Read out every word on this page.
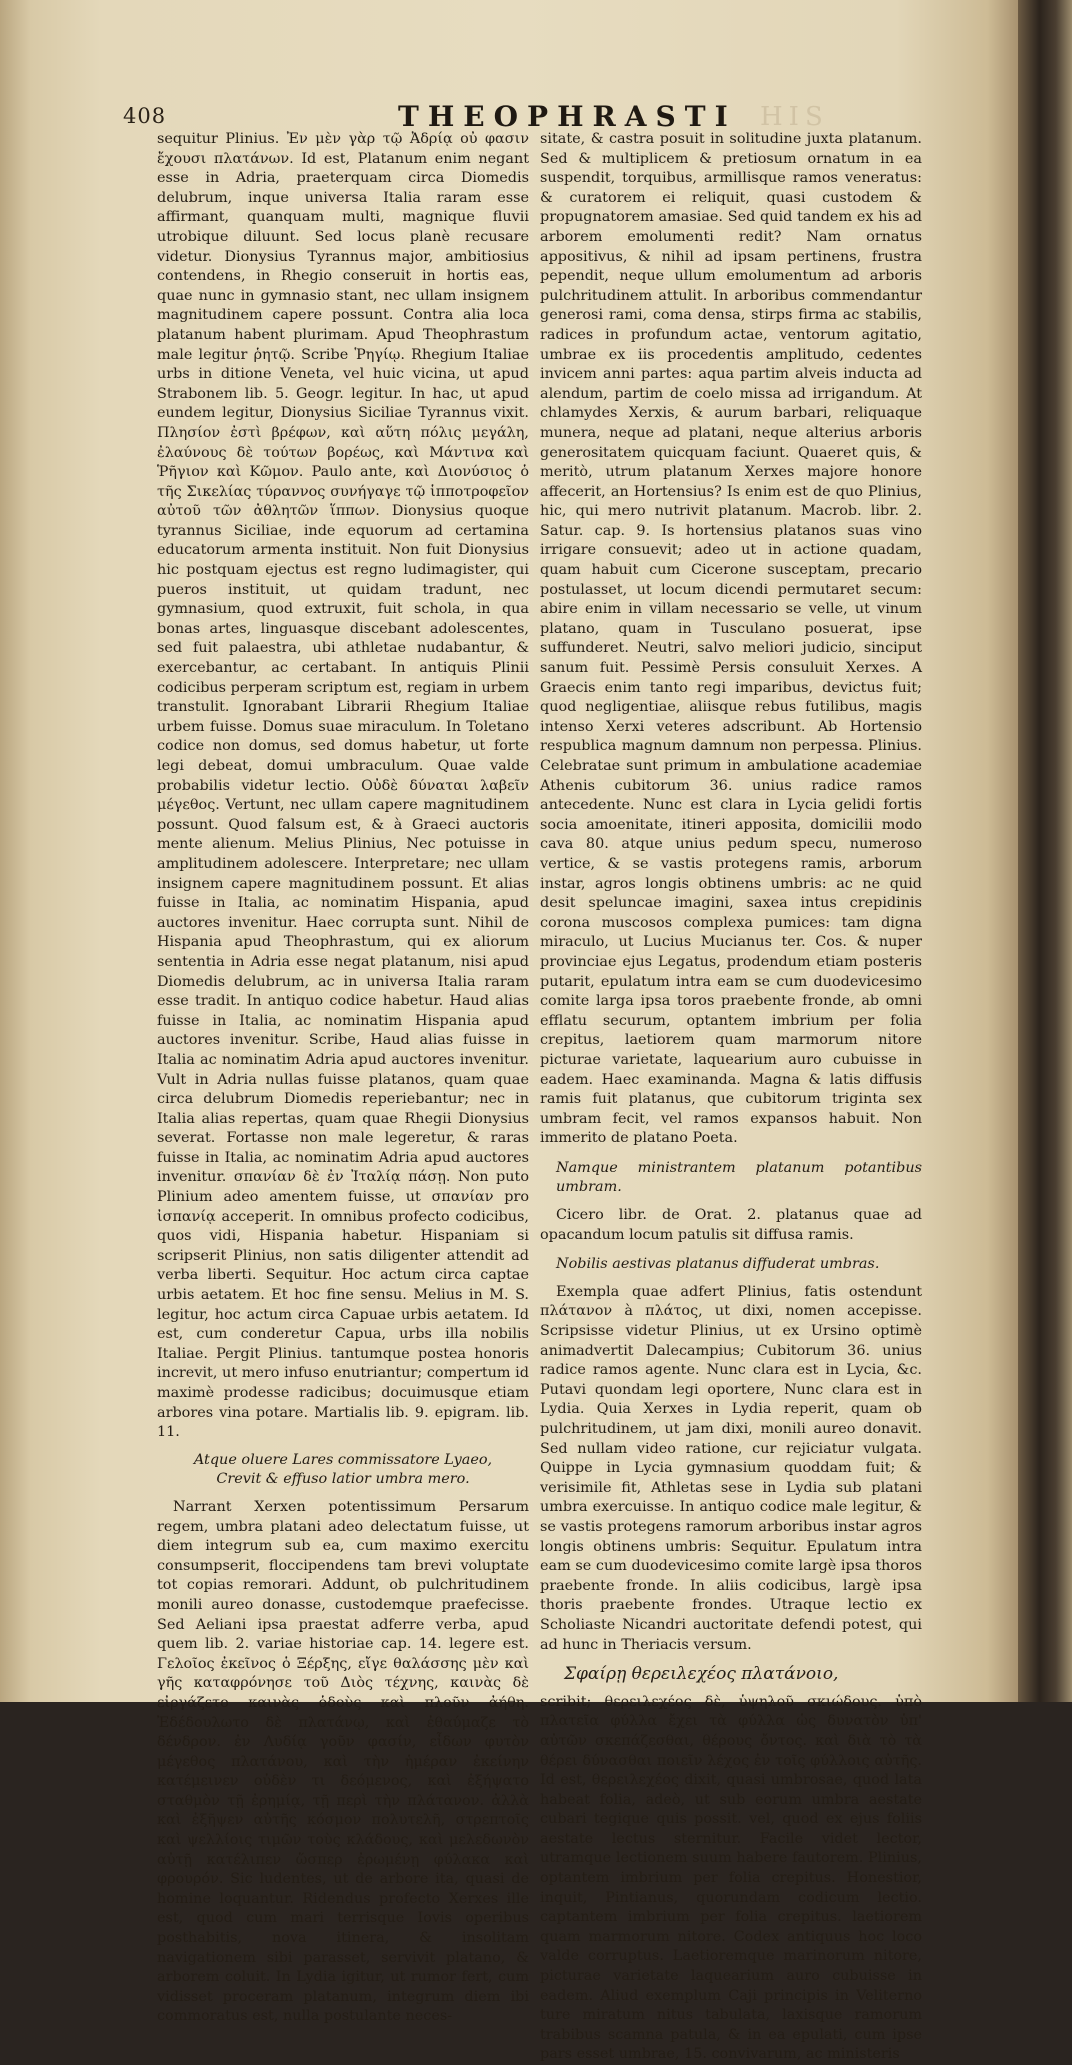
408	THEOPHRASTI HIS

sequitur Plinius. Ἐν μὲν γὰρ τῷ Ἀδρίᾳ οὐ φασιν ἔχουσι πλατάνων. Id est, Platanum enim negant esse in Adria, praeterquam circa Diomedis delubrum, inque universa Italia raram esse affirmant, quanquam multi, magnique fluvii utrobique diluunt. Sed locus planè recusare videtur. Dionysius Tyrannus major, ambitiosius contendens, in Rhegio conseruit in hortis eas, quae nunc in gymnasio stant, nec ullam insignem magnitudinem capere possunt. Contra alia loca platanum habent plurimam. Apud Theophrastum male legitur ῥητῷ. Scribe Ῥηγίῳ. Rhegium Italiae urbs in ditione Veneta, vel huic vicina, ut apud Strabonem lib. 5. Geogr. legitur. In hac, ut apud eundem legitur, Dionysius Siciliae Tyrannus vixit. Πλησίον ἐστὶ βρέφων, καὶ αὕτη πόλις μεγάλη, ἐλαύνους δὲ τούτων βορέως, καὶ Μάντινα καὶ Ῥῆγιον καὶ Κῶμον. Paulo ante, καὶ Διονύσιος ὁ τῆς Σικελίας τύραννος συνήγαγε τῷ ἱπποτροφεῖον αὐτοῦ τῶν ἀθλητῶν ἵππων. Dionysius quoque tyrannus Siciliae, inde equorum ad certamina educatorum armenta instituit. Non fuit Dionysius hic postquam ejectus est regno ludimagister, qui pueros instituit, ut quidam tradunt, nec gymnasium, quod extruxit, fuit schola, in qua bonas artes, linguasque discebant adolescentes, sed fuit palaestra, ubi athletae nudabantur, & exercebantur, ac certabant. In antiquis Plinii codicibus perperam scriptum est, regiam in urbem transtulit. Ignorabant Librarii Rhegium Italiae urbem fuisse. Domus suae miraculum. In Toletano codice non domus, sed domus habetur, ut forte legi debeat, domui umbraculum. Quae valde probabilis videtur lectio. Οὐδὲ δύναται λαβεῖν μέγεθος. Vertunt, nec ullam capere magnitudinem possunt. Quod falsum est, & à Graeci auctoris mente alienum. Melius Plinius, Nec potuisse in amplitudinem adolescere. Interpretare; nec ullam insignem capere magnitudinem possunt. Et alias fuisse in Italia, ac nominatim Hispania, apud auctores invenitur. Haec corrupta sunt. Nihil de Hispania apud Theophrastum, qui ex aliorum sententia in Adria esse negat platanum, nisi apud Diomedis delubrum, ac in universa Italia raram esse tradit. In antiquo codice habetur. Haud alias fuisse in Italia, ac nominatim Hispania apud auctores invenitur. Scribe, Haud alias fuisse in Italia ac nominatim Adria apud auctores invenitur. Vult in Adria nullas fuisse platanos, quam quae circa delubrum Diomedis reperiebantur; nec in Italia alias repertas, quam quae Rhegii Dionysius severat. Fortasse non male legeretur, & raras fuisse in Italia, ac nominatim Adria apud auctores invenitur. σπανίαν δὲ ἐν Ἰταλίᾳ πάσῃ. Non puto Plinium adeo amentem fuisse, ut σπανίαν pro ἰσπανίᾳ acceperit. In omnibus profecto codicibus, quos vidi, Hispania habetur. Hispaniam si scripserit Plinius, non satis diligenter attendit ad verba liberti. Sequitur. Hoc actum circa captae urbis aetatem. Et hoc fine sensu. Melius in M. S. legitur, hoc actum circa Capuae urbis aetatem. Id est, cum conderetur Capua, urbs illa nobilis Italiae. Pergit Plinius. tantumque postea honoris increvit, ut mero infuso enutriantur; compertum id maximè prodesse radicibus; docuimusque etiam arbores vina potare. Martialis lib. 9. epigram. lib. 11.

Atque oluere Lares commissatore Lyaeo,
Crevit & effuso latior umbra mero.

Narrant Xerxen potentissimum Persarum regem, umbra platani adeo delectatum fuisse, ut diem integrum sub ea, cum maximo exercitu consumpserit, floccipendens tam brevi voluptate tot copias remorari. Addunt, ob pulchritudinem monili aureo donasse, custodemque praefecisse. Sed Aeliani ipsa praestat adferre verba, apud quem lib. 2. variae historiae cap. 14. legere est. Γελοῖος ἐκεῖνος ὁ Ξέρξης, εἴγε θαλάσσης μὲν καὶ γῆς καταφρόνησε τοῦ Διὸς τέχνης, καινὰς δὲ εἰργάζετο καινὰς ὁδοὺς καὶ πλοῦν ἀήθη. Ἐδέδουλωτο δὲ πλατάνῳ, καὶ ἐθαύμαζε τὸ δένδρον. ἐν Λυδίᾳ γοῦν φασίν, εἶδων φυτὸν μέγεθος πλατάνου, καὶ τὴν ἡμέραν ἐκείνην κατέμεινεν οὐδὲν τι δεόμενος, καὶ ἐξήψατο σταθμὸν τῇ ἐρημίᾳ, τῇ περὶ τὴν πλάτανον. ἀλλὰ καὶ ἐξῆψεν αὐτῆς κόσμον πολυτελῆ, στρεπτοῖς καὶ ψελλίοις τιμῶν τοὺς κλάδους, καὶ μελεδωνὸν αὐτῇ κατέλιπεν ὥσπερ ἐρωμένῃ φύλακα καὶ φρουρόν. Sic ludentes, ut de arbore ita, quasi de homine loquantur. Ridendus profecto Xerxes ille est, quod cum mari terrisque Iovis operibus posthabitis, nova itinera, & insolitam navigationem sibi parasset, servivit platano, & arborem coluit. In Lydia igitur, ut rumor fert, cum vidisset proceram platanum, integrum diem ibi commoratus est, nulla postulante neces-

sitate, & castra posuit in solitudine juxta platanum. Sed & multiplicem & pretiosum ornatum in ea suspendit, torquibus, armillisque ramos veneratus: & curatorem ei reliquit, quasi custodem & propugnatorem amasiae. Sed quid tandem ex his ad arborem emolumenti redit? Nam ornatus appositivus, & nihil ad ipsam pertinens, frustra pependit, neque ullum emolumentum ad arboris pulchritudinem attulit. In arboribus commendantur generosi rami, coma densa, stirps firma ac stabilis, radices in profundum actae, ventorum agitatio, umbrae ex iis procedentis amplitudo, cedentes invicem anni partes: aqua partim alveis inducta ad alendum, partim de coelo missa ad irrigandum. At chlamydes Xerxis, & aurum barbari, reliquaque munera, neque ad platani, neque alterius arboris generositatem quicquam faciunt. Quaeret quis, & meritò, utrum platanum Xerxes majore honore affecerit, an Hortensius? Is enim est de quo Plinius, hic, qui mero nutrivit platanum. Macrob. libr. 2. Satur. cap. 9. Is hortensius platanos suas vino irrigare consuevit; adeo ut in actione quadam, quam habuit cum Cicerone susceptam, precario postulasset, ut locum dicendi permutaret secum: abire enim in villam necessario se velle, ut vinum platano, quam in Tusculano posuerat, ipse suffunderet. Neutri, salvo meliori judicio, sinciput sanum fuit. Pessimè Persis consuluit Xerxes. A Graecis enim tanto regi imparibus, devictus fuit; quod negligentiae, aliisque rebus futilibus, magis intenso Xerxi veteres adscribunt. Ab Hortensio respublica magnum damnum non perpessa. Plinius. Celebratae sunt primum in ambulatione academiae Athenis cubitorum 36. unius radice ramos antecedente. Nunc est clara in Lycia gelidi fortis socia amoenitate, itineri apposita, domicilii modo cava 80. atque unius pedum specu, numeroso vertice, & se vastis protegens ramis, arborum instar, agros longis obtinens umbris: ac ne quid desit speluncae imagini, saxea intus crepidinis corona muscosos complexa pumices: tam digna miraculo, ut Lucius Mucianus ter. Cos. & nuper provinciae ejus Legatus, prodendum etiam posteris putarit, epulatum intra eam se cum duodevicesimo comite larga ipsa toros praebente fronde, ab omni efflatu securum, optantem imbrium per folia crepitus, laetiorem quam marmorum nitore picturae varietate, laquearium auro cubuisse in eadem. Haec examinanda. Magna & latis diffusis ramis fuit platanus, que cubitorum triginta sex umbram fecit, vel ramos expansos habuit. Non immerito de platano Poeta.

Namque ministrantem platanum potantibus umbram.

Cicero libr. de Orat. 2. platanus quae ad opacandum locum patulis sit diffusa ramis.

Nobilis aestivas platanus diffuderat umbras.

Exempla quae adfert Plinius, fatis ostendunt πλάτανον à πλάτος, ut dixi, nomen accepisse. Scripsisse videtur Plinius, ut ex Ursino optimè animadvertit Dalecampius; Cubitorum 36. unius radice ramos agente. Nunc clara est in Lycia, &c. Putavi quondam legi oportere, Nunc clara est in Lydia. Quia Xerxes in Lydia reperit, quam ob pulchritudinem, ut jam dixi, monili aureo donavit. Sed nullam video ratione, cur rejiciatur vulgata. Quippe in Lycia gymnasium quoddam fuit; & verisimile fit, Athletas sese in Lydia sub platani umbra exercuisse. In antiquo codice male legitur, & se vastis protegens ramorum arboribus instar agros longis obtinens umbris: Sequitur. Epulatum intra eam se cum duodevicesimo comite largè ipsa thoros praebente fronde. In aliis codicibus, largè ipsa thoris praebente frondes. Utraque lectio ex Scholiaste Nicandri auctoritate defendi potest, qui ad hunc in Theriacis versum.

Σφαίρῃ θερειλεχέος πλατάνοιο,

scribit; θερειλεχέος δὲ, ὑψηλοῦ σκιώδους. ὑπὸ πλατεῖα φύλλα ἔχει τὰ φύλλα ὡς δυνατὸν ὑπ' αὐτῶν σκεπάζεσθαι, θέρους ὄντος. καὶ διὰ τὸ τὰ θέρει δύνασθαι ποιεῖν λέχος ἐν τοῖς φύλλοις αὐτῆς. Id est, θερειλεχέος dixit, quasi umbrosae, quod lata habeat folia, adeò, ut sub eorum umbra aestate cubari tegique quis possit. vel, quod ex ejus foliis aestate lectus sternitur. Facile videt lector, utramque lectionem suum habere fautorem. Plinius, optantem imbrium per folia crepitus. Honestior, inquit, Pintianus, quorundam codicum lectio. captantem imbrium per folia crepitus. laetiorem quam marmorum nitore. Codex antiquus hoc loco valde corruptus. Laetioremque marinorum nitore, picturae varietate laquearium auro cubuisse in eadem. Aliud exemplum Caji principis in Veliterno ture miratum nitus tabulata, laxisque ramorum trabibus scamna patula, & in ea epulati, cum ipse pars esset umbrae, 15. convivarum, ac ministeris
